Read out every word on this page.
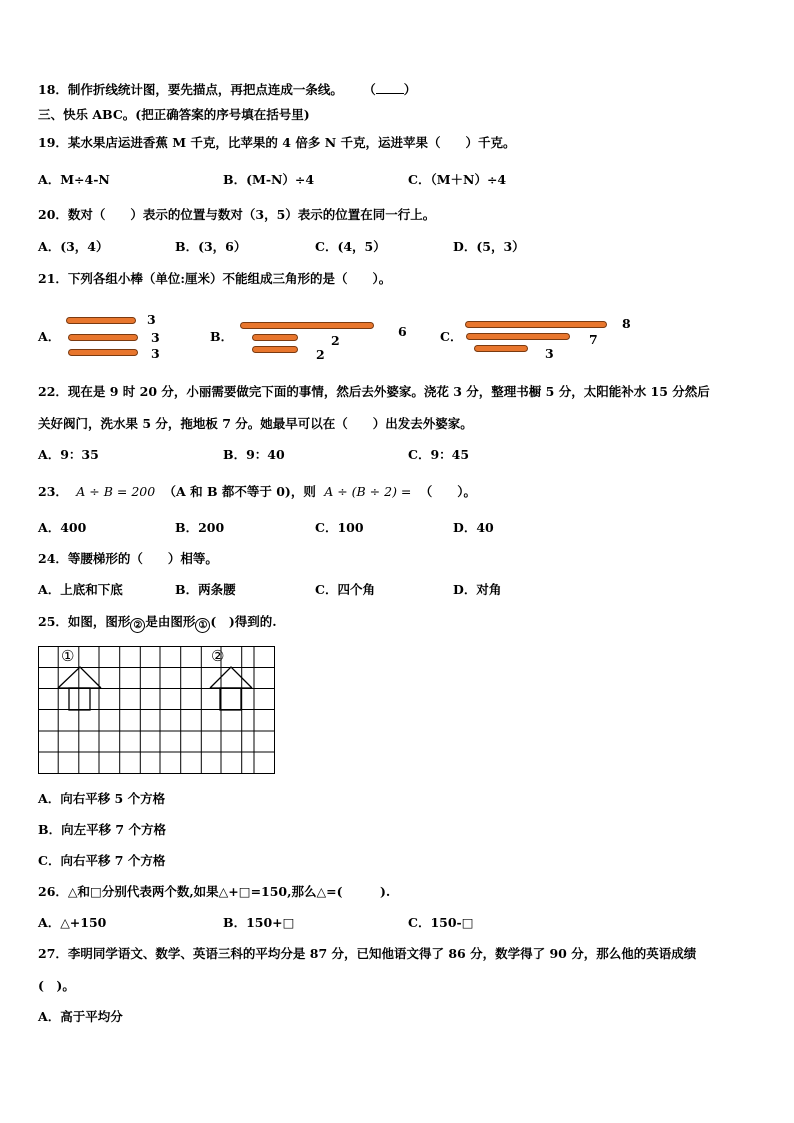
18．制作折线统计图，要先描点，再把点连成一条线。 （ ）
三、快乐 ABC。(把正确答案的序号填在括号里)
19．某水果店运进香蕉 M 千克，比苹果的 4 倍多 N 千克，运进苹果（　　）千克。
A．M÷4-N	B．(M-N）÷4	C．（M＋N）÷4
20．数对（　　）表示的位置与数对（3，5）表示的位置在同一行上。
A．(3，4）	B．(3，6）	C．(4，5）	D．(5，3）
21．下列各组小棒（单位:厘米）不能组成三角形的是（　　）。
A．
3
3
3
B．	6
2
2
C．
8
7
3
22．现在是 9 时 20 分，小丽需要做完下面的事情，然后去外婆家。浇花 3 分，整理书橱 5 分，太阳能补水 15 分然后
关好阀门，洗水果 5 分，拖地板 7 分。她最早可以在（　　）出发去外婆家。
A．9：35	B．9：40	C．9：45
23． A ÷ B = 200 （A 和 B 都不等于 0)，则 A ÷ (B ÷ 2) = （　　）。
A．400	B．200	C．100	D．40
24．等腰梯形的（　　）相等。
A．上底和下底	B．两条腰	C．四个角	D．对角
25．如图，图形 ② 是由图形 ① (　)得到的.
①	②
A．向右平移 5 个方格
B．向左平移 7 个方格
C．向右平移 7 个方格
26．△和□分别代表两个数,如果△+□=150,那么△=(　　　).
A．△+150	B．150+□	C．150-□
27．李明同学语文、数学、英语三科的平均分是 87 分，已知他语文得了 86 分，数学得了 90 分，那么他的英语成绩
(　)。
A．高于平均分
